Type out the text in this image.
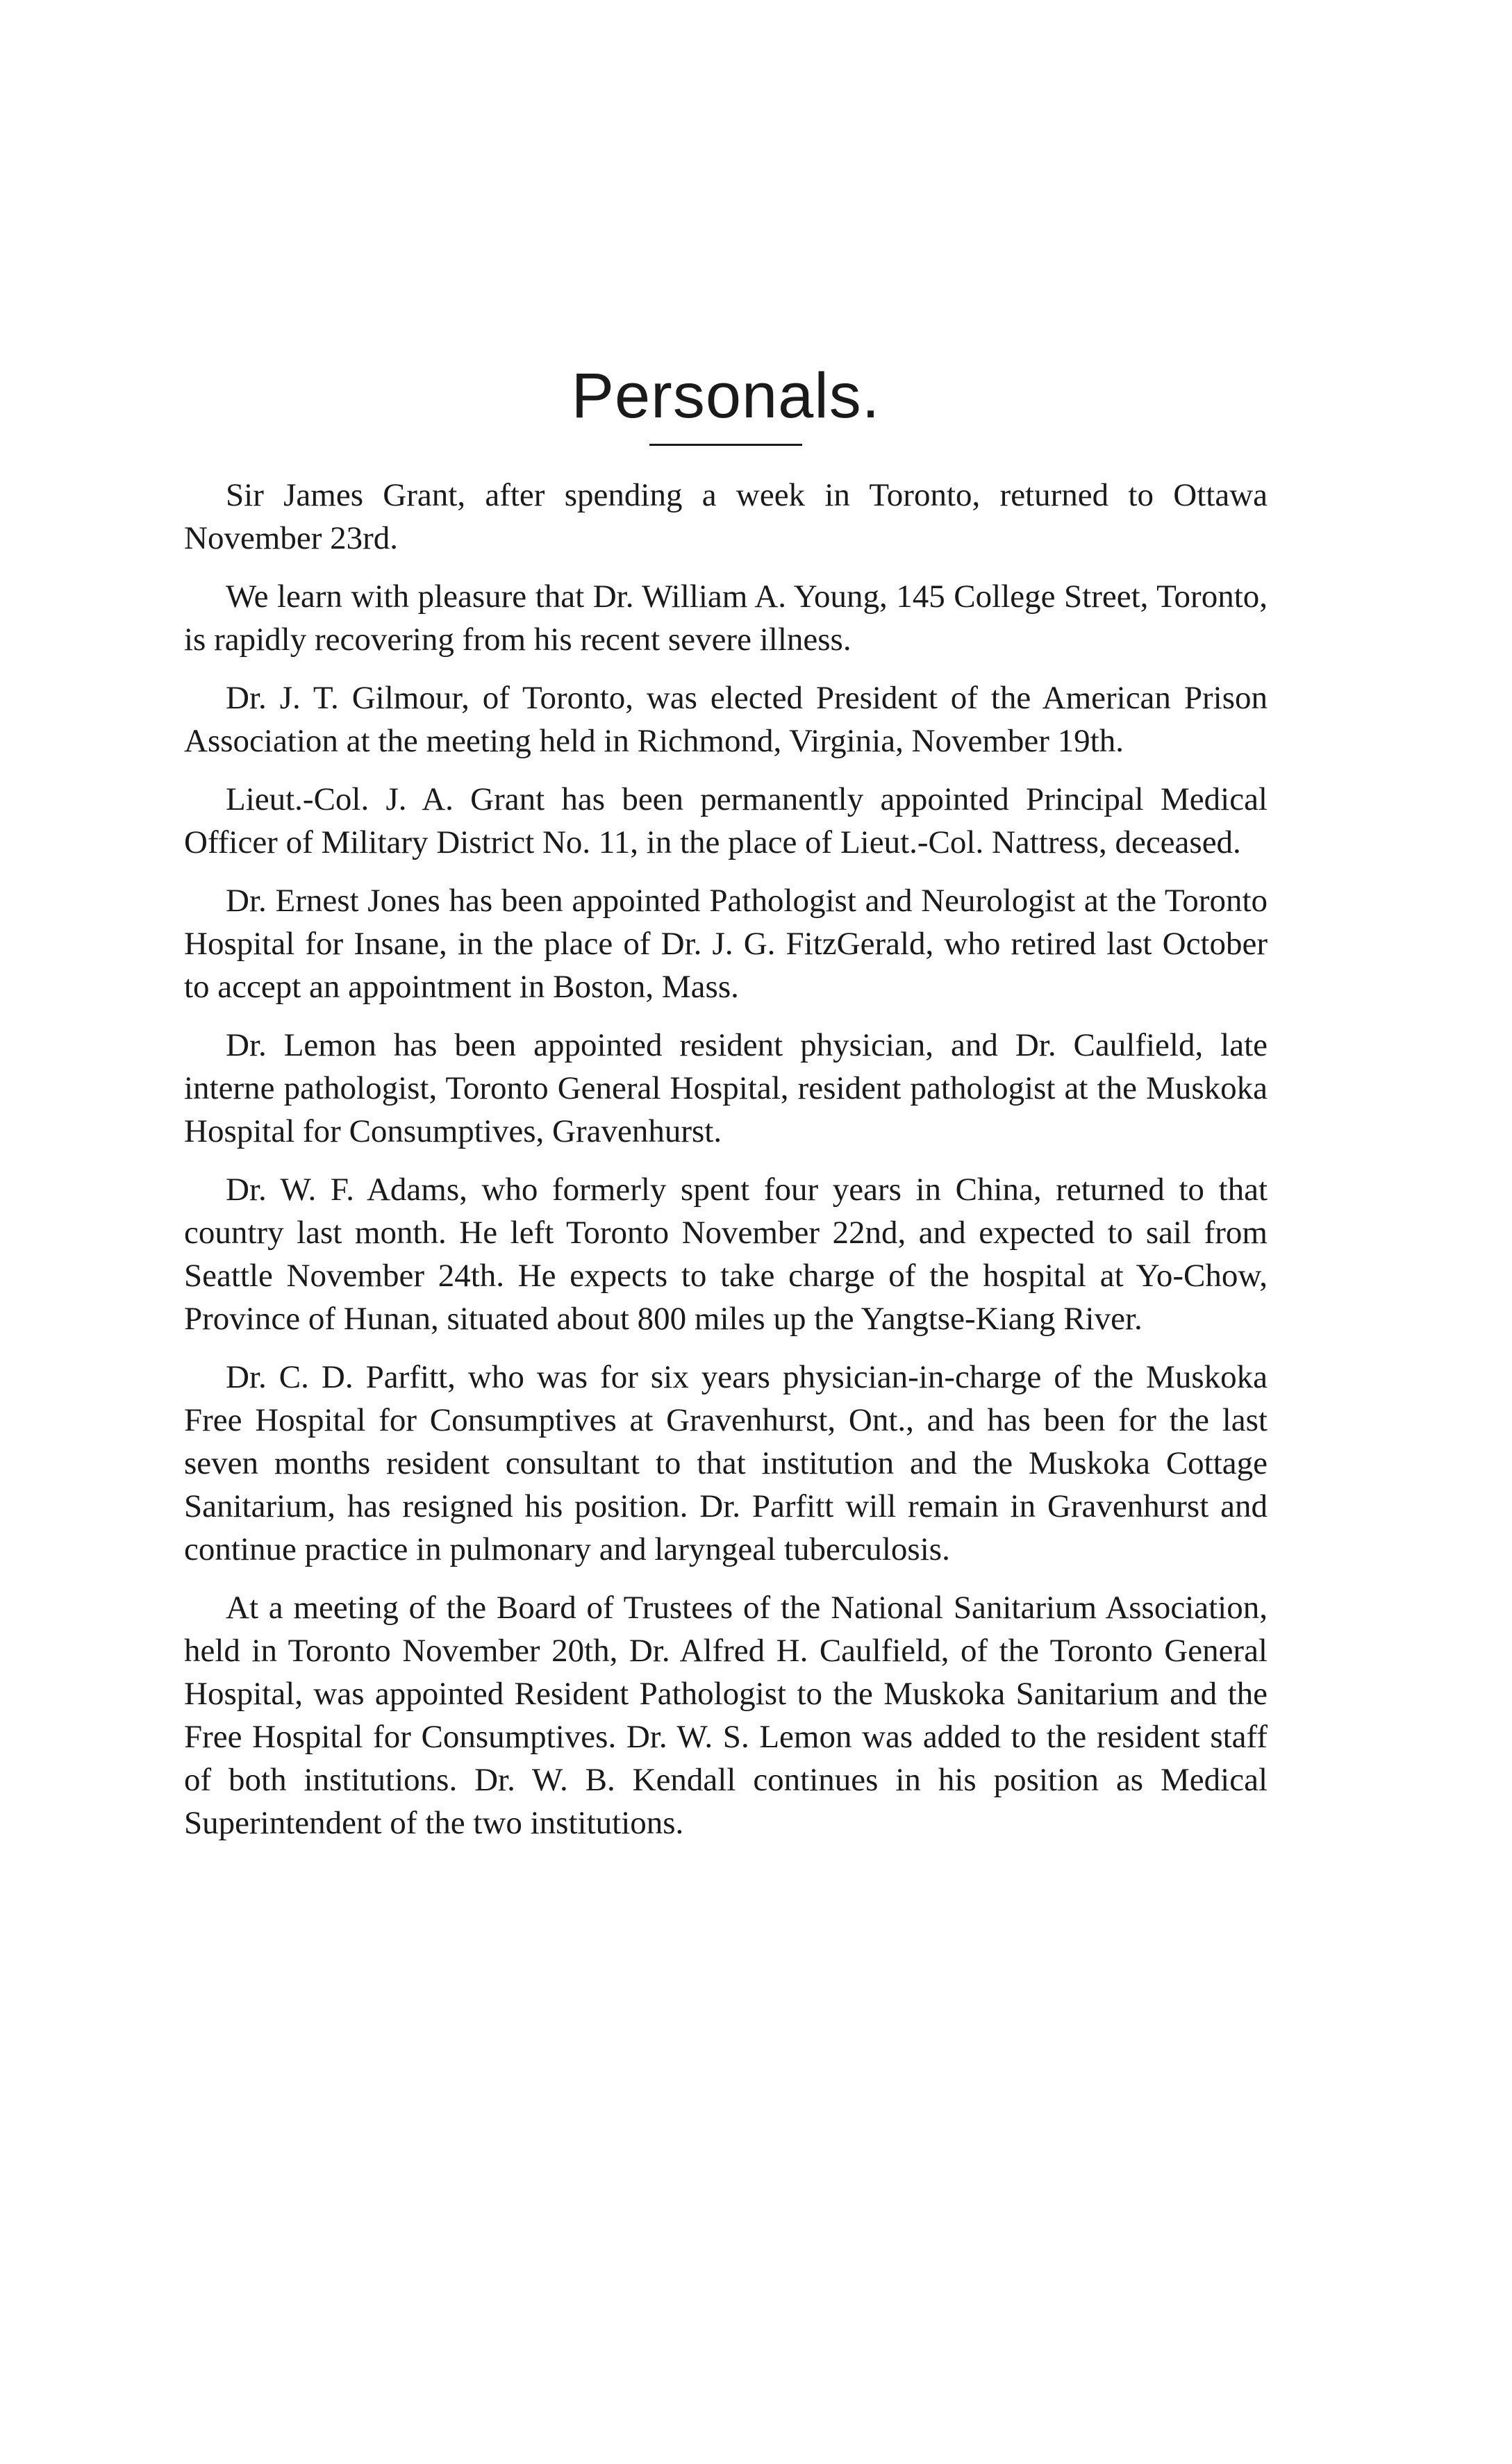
Personals.

Sir James Grant, after spending a week in Toronto, returned to Ottawa November 23rd.

We learn with pleasure that Dr. William A. Young, 145 College Street, Toronto, is rapidly recovering from his recent severe illness.

Dr. J. T. Gilmour, of Toronto, was elected President of the American Prison Association at the meeting held in Richmond, Virginia, November 19th.

Lieut.-Col. J. A. Grant has been permanently appointed Principal Medical Officer of Military District No. 11, in the place of Lieut.-Col. Nattress, deceased.

Dr. Ernest Jones has been appointed Pathologist and Neurologist at the Toronto Hospital for Insane, in the place of Dr. J. G. FitzGerald, who retired last October to accept an appointment in Boston, Mass.

Dr. Lemon has been appointed resident physician, and Dr. Caulfield, late interne pathologist, Toronto General Hospital, resident pathologist at the Muskoka Hospital for Consumptives, Gravenhurst.

Dr. W. F. Adams, who formerly spent four years in China, returned to that country last month. He left Toronto November 22nd, and expected to sail from Seattle November 24th. He expects to take charge of the hospital at Yo-Chow, Province of Hunan, situated about 800 miles up the Yangtse-Kiang River.

Dr. C. D. Parfitt, who was for six years physician-in-charge of the Muskoka Free Hospital for Consumptives at Gravenhurst, Ont., and has been for the last seven months resident consultant to that institution and the Muskoka Cottage Sanitarium, has resigned his position. Dr. Parfitt will remain in Gravenhurst and continue practice in pulmonary and laryngeal tuberculosis.

At a meeting of the Board of Trustees of the National Sanitarium Association, held in Toronto November 20th, Dr. Alfred H. Caulfield, of the Toronto General Hospital, was appointed Resident Pathologist to the Muskoka Sanitarium and the Free Hospital for Consumptives. Dr. W. S. Lemon was added to the resident staff of both institutions. Dr. W. B. Kendall continues in his position as Medical Superintendent of the two institutions.
